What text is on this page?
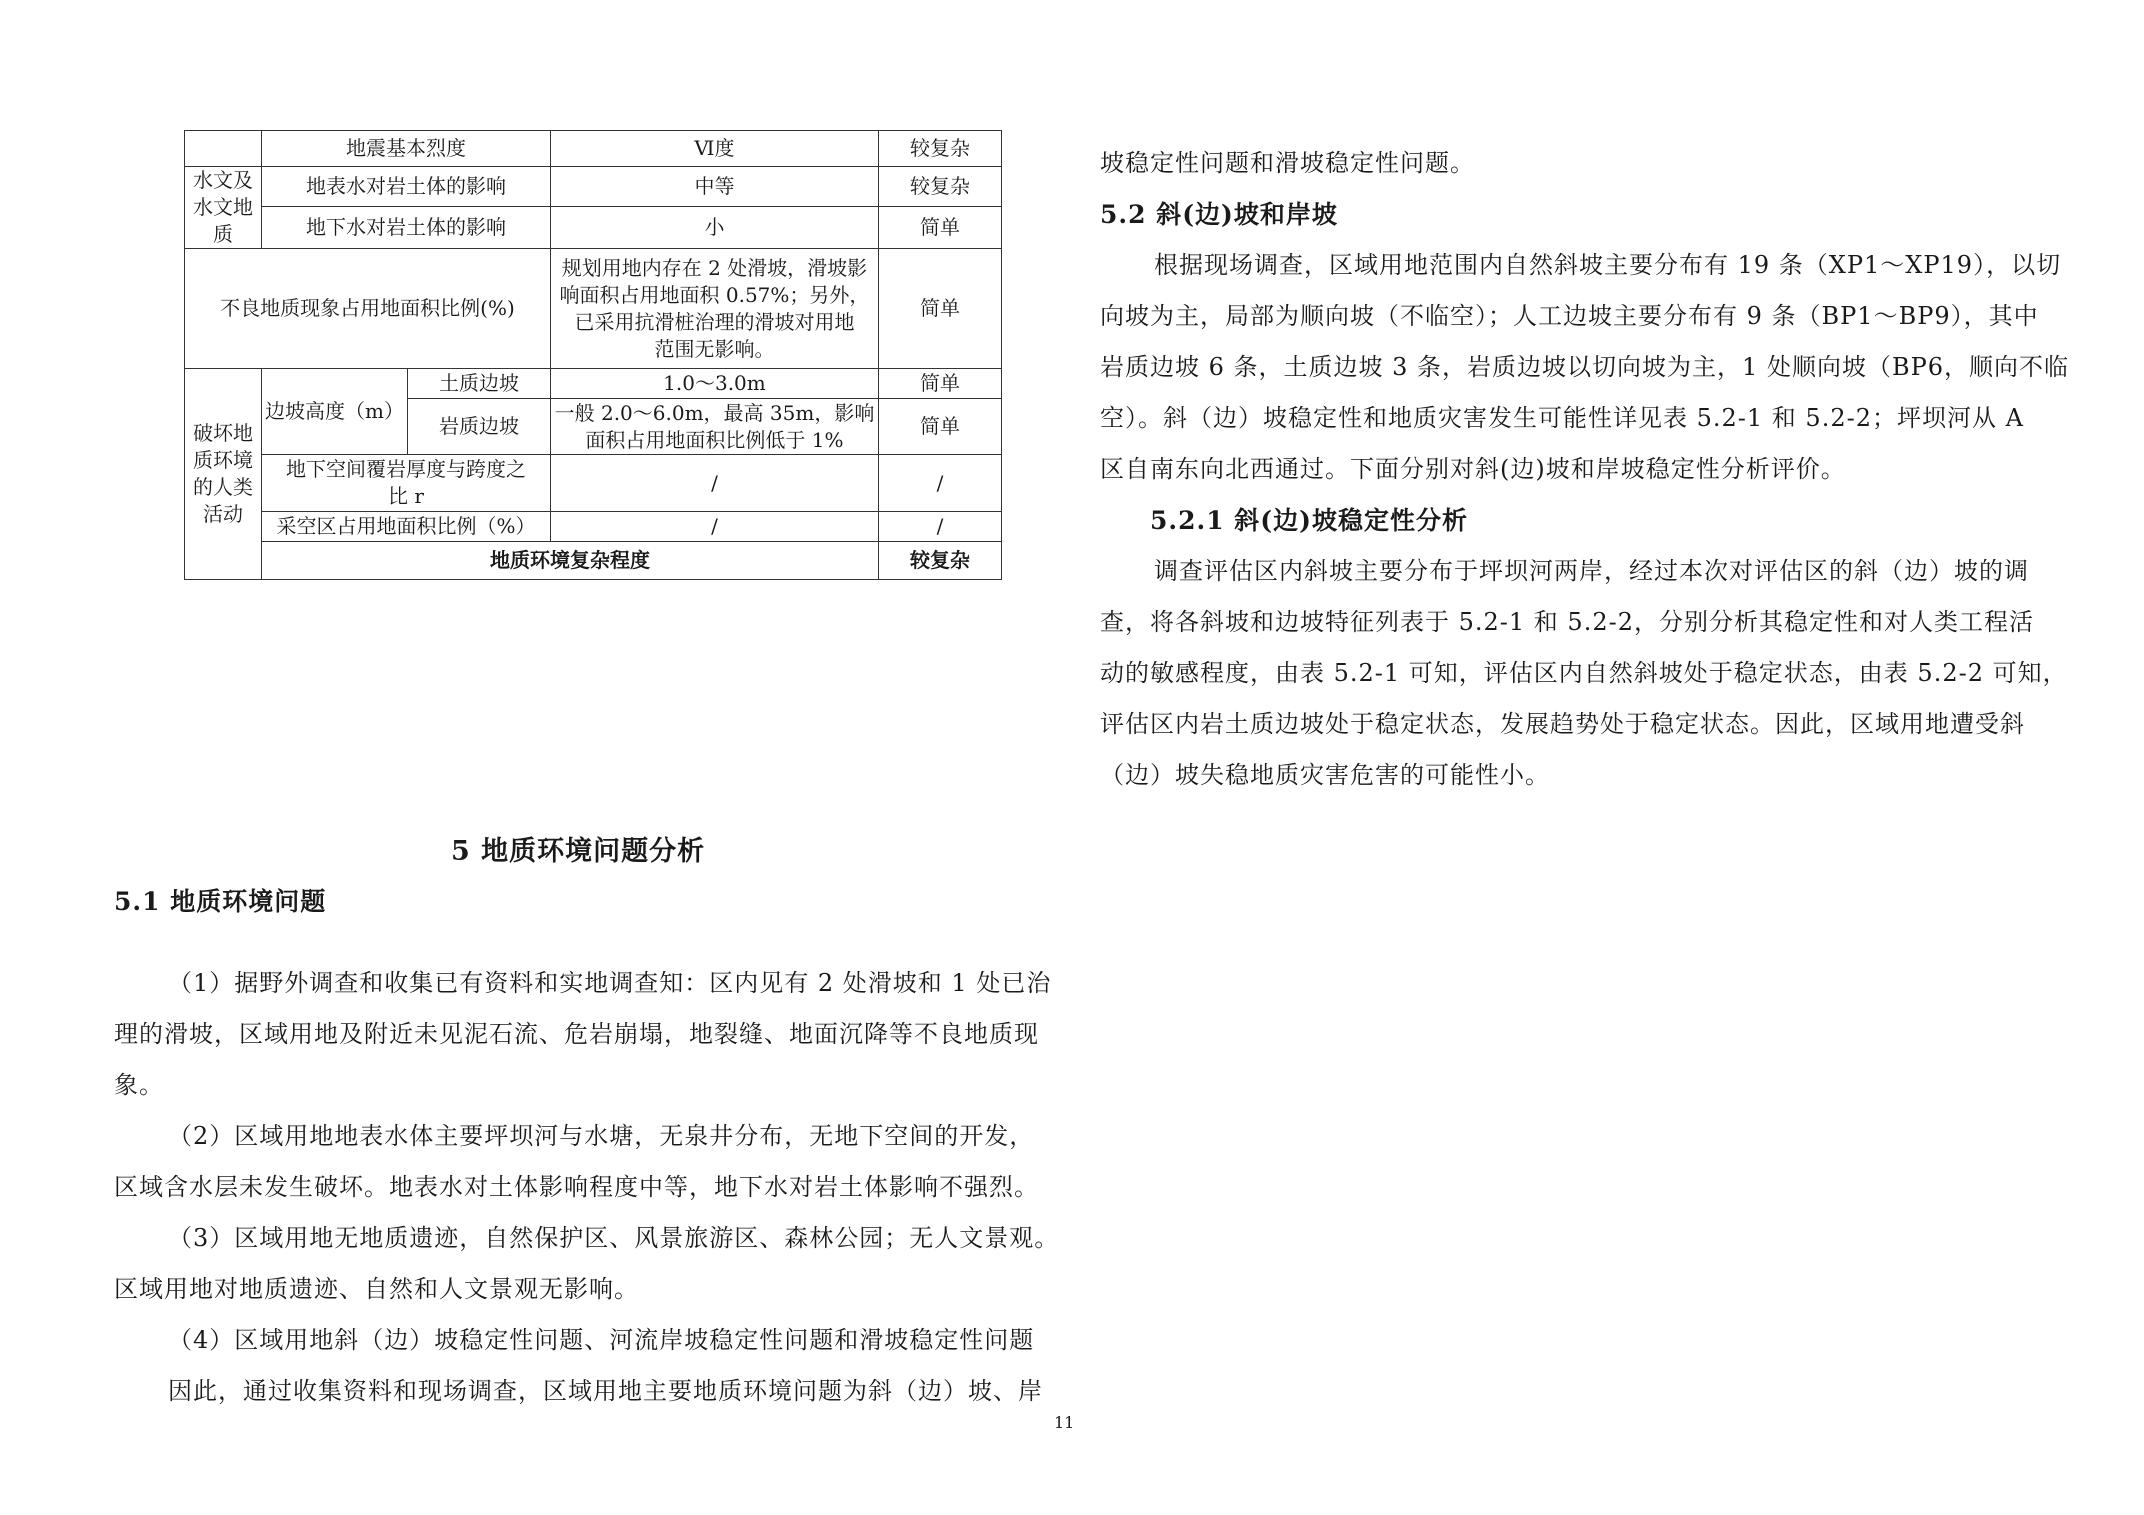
	地震基本烈度		Ⅵ度	较复杂

水文及
水文地
质	地表水对岩土体的影响		中等	较复杂
	地下水对岩土体的影响		小	简单
不良地质现象占用地面积比例(%)			规划用地内存在 2 处滑坡，滑坡影
响面积占用地面积 0.57%；另外，
已采用抗滑桩治理的滑坡对用地
范围无影响。	简单

破坏地
质环境
的人类
活动	边坡高度（m）	土质边坡	1.0～3.0m	简单
		岩质边坡	一般 2.0～6.0m，最高 35m，影响
面积占用地面积比例低于 1%	简单

	地下空间覆岩厚度与跨度之
比 r		/	/
	采空区占用地面积比例（%）		/	/
	地质环境复杂程度			较复杂
5 地质环境问题分析
5.1 地质环境问题
（1）据野外调查和收集已有资料和实地调查知：区内见有 2 处滑坡和 1 处已治
理的滑坡，区域用地及附近未见泥石流、危岩崩塌，地裂缝、地面沉降等不良地质现
象。
（2）区域用地地表水体主要坪坝河与水塘，无泉井分布，无地下空间的开发，
区域含水层未发生破坏。地表水对土体影响程度中等，地下水对岩土体影响不强烈。
（3）区域用地无地质遗迹，自然保护区、风景旅游区、森林公园；无人文景观。
区域用地对地质遗迹、自然和人文景观无影响。
（4）区域用地斜（边）坡稳定性问题、河流岸坡稳定性问题和滑坡稳定性问题
因此，通过收集资料和现场调查，区域用地主要地质环境问题为斜（边）坡、岸
11
坡稳定性问题和滑坡稳定性问题。
5.2 斜(边)坡和岸坡
根据现场调查，区域用地范围内自然斜坡主要分布有 19 条（XP1～XP19），以切
向坡为主，局部为顺向坡（不临空）；人工边坡主要分布有 9 条（BP1～BP9），其中
岩质边坡 6 条，土质边坡 3 条，岩质边坡以切向坡为主，1 处顺向坡（BP6，顺向不临
空）。斜（边）坡稳定性和地质灾害发生可能性详见表 5.2-1 和 5.2-2；坪坝河从 A
区自南东向北西通过。下面分别对斜(边)坡和岸坡稳定性分析评价。
5.2.1 斜(边)坡稳定性分析
调查评估区内斜坡主要分布于坪坝河两岸，经过本次对评估区的斜（边）坡的调
查，将各斜坡和边坡特征列表于 5.2-1 和 5.2-2，分别分析其稳定性和对人类工程活
动的敏感程度，由表 5.2-1 可知，评估区内自然斜坡处于稳定状态，由表 5.2-2 可知，
评估区内岩土质边坡处于稳定状态，发展趋势处于稳定状态。因此，区域用地遭受斜
（边）坡失稳地质灾害危害的可能性小。
